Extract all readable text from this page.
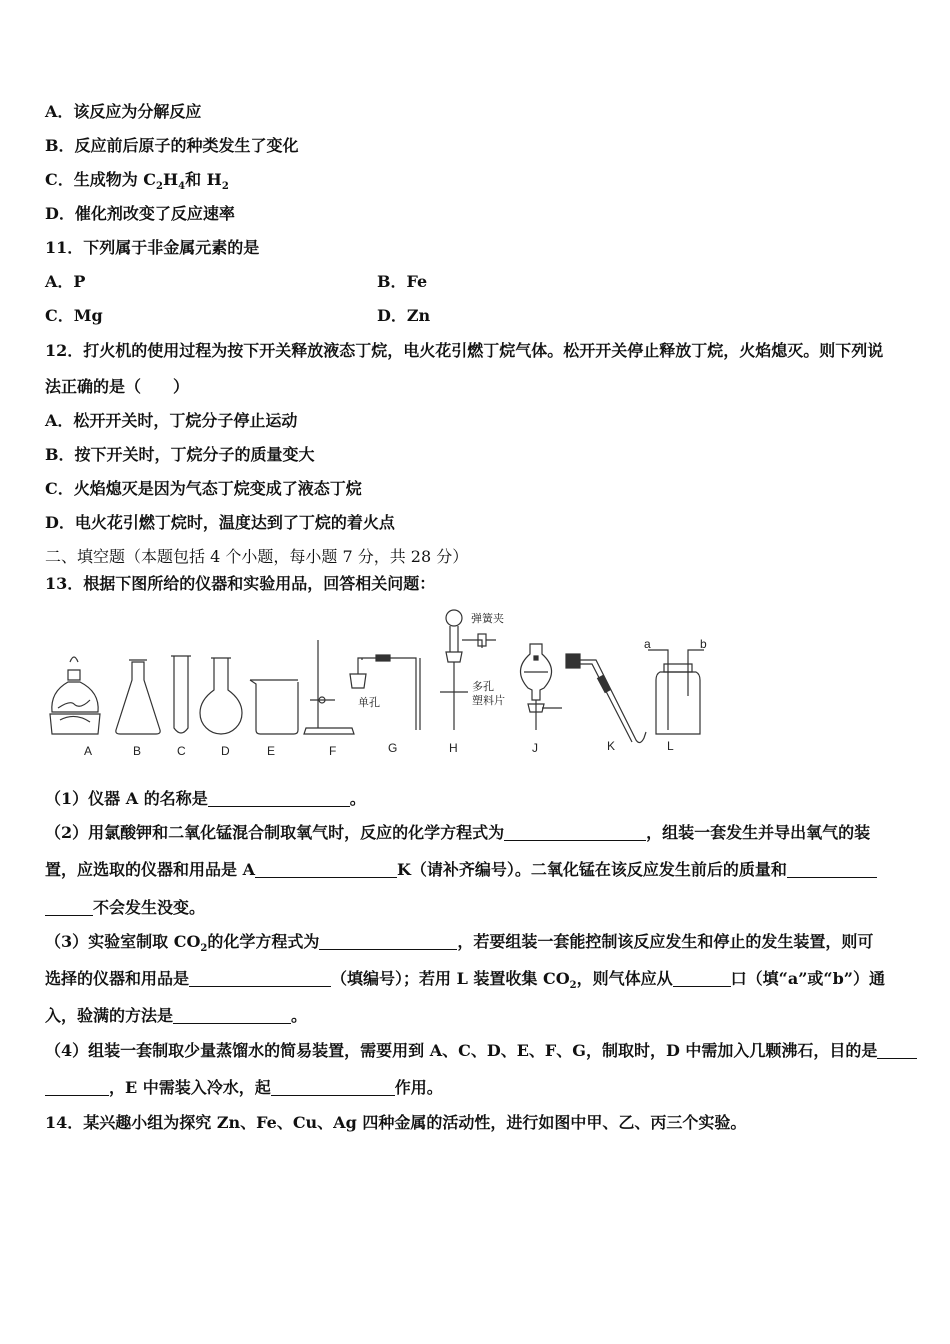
A．该反应为分解反应
B．反应前后原子的种类发生了变化
C．生成物为 $C_2H_4$和 $H_2$
D．催化剂改变了反应速率
11．下列属于非金属元素的是
A．P	B．Fe
C．Mg	D．Zn
12．打火机的使用过程为按下开关释放液态丁烷，电火花引燃丁烷气体。松开开关停止释放丁烷，火焰熄灭。则下列说
法正确的是（　　）
A．松开开关时，丁烷分子停止运动
B．按下开关时，丁烷分子的质量变大
C．火焰熄灭是因为气态丁烷变成了液态丁烷
D．电火花引燃丁烷时，温度达到了丁烷的着火点
二、填空题（本题包括 4 个小题，每小题 7 分，共 28 分）
13．根据下图所给的仪器和实验用品，回答相关问题：
弹簧夹
单孔
多孔
塑料片
a	b
A	B	C	D	E	F	G	H	J	K	L
（1）仪器 A 的名称是	。
（2）用氯酸钾和二氧化锰混合制取氧气时，反应的化学方程式为	，组装一套发生并导出氧气的装
置，应选取的仪器和用品是 A	K（请补齐编号）。二氧化锰在该反应发生前后的质量和
不会发生没变。
（3）实验室制取 $CO_2$的化学方程式为	，若要组装一套能控制该反应发生和停止的发生装置，则可
选择的仪器和用品是	（填编号）；若用 L 装置收集 $CO_2$，则气体应从	口（填“a”或“b”）通
入，验满的方法是	。
（4）组装一套制取少量蒸馏水的简易装置，需要用到 A、C、D、E、F、G，制取时，D 中需加入几颗沸石，目的是
，E 中需装入冷水，起	作用。
14．某兴趣小组为探究 Zn、Fe、Cu、Ag 四种金属的活动性，进行如图中甲、乙、丙三个实验。
